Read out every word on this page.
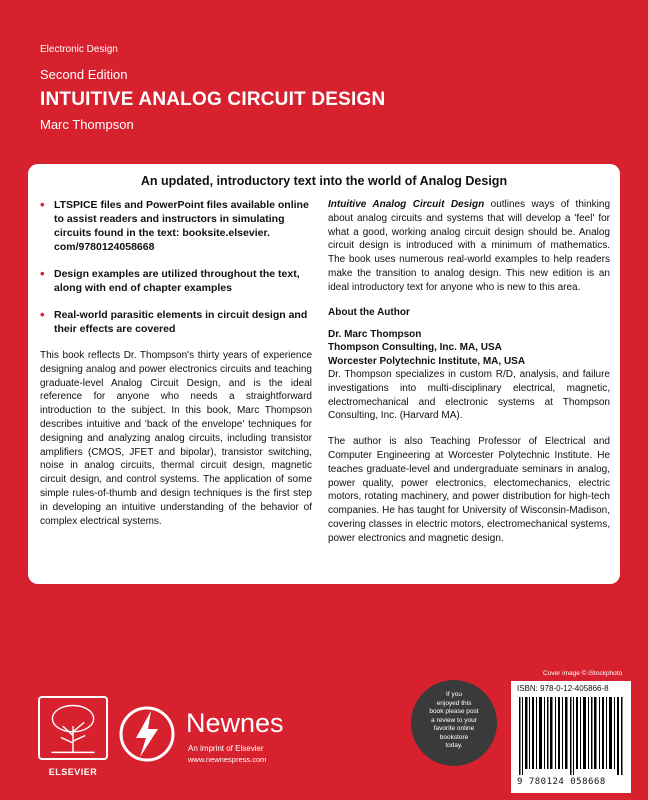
Electronic Design
Second Edition
INTUITIVE ANALOG CIRCUIT DESIGN
Marc Thompson
An updated, introductory text into the world of Analog Design
• LTSPICE files and PowerPoint files available online to assist readers and instructors in simulating circuits found in the text: booksite.elsevier. com/9780124058668
• Design examples are utilized throughout the text, along with end of chapter examples
• Real-world parasitic elements in circuit design and their effects are covered

This book reflects Dr. Thompson's thirty years of experience designing analog and power electronics circuits and teaching graduate-level Analog Circuit Design, and is the ideal reference for anyone who needs a straightforward introduction to the subject. In this book, Marc Thompson describes intuitive and 'back of the envelope' techniques for designing and analyzing analog circuits, including transistor amplifiers (CMOS, JFET and bipolar), transistor switching, noise in analog circuits, thermal circuit design, magnetic circuit design, and control systems. The application of some simple rules-of-thumb and design techniques is the first step in developing an intuitive understanding of the behavior of complex electrical systems.

Intuitive Analog Circuit Design outlines ways of thinking about analog circuits and systems that will develop a 'feel' for what a good, working analog circuit design should be. Analog circuit design is introduced with a minimum of mathematics. The book uses numerous real-world examples to help readers make the transition to analog design. This new edition is an ideal introductory text for anyone who is new to this area.

About the Author
Dr. Marc Thompson
Thompson Consulting, Inc. MA, USA
Worcester Polytechnic Institute, MA, USA

Dr. Thompson specializes in custom R/D, analysis, and failure investigations into multi-disciplinary electrical, magnetic, electromechanical and electronic systems at Thompson Consulting, Inc. (Harvard MA).

The author is also Teaching Professor of Electrical and Computer Engineering at Worcester Polytechnic Institute. He teaches graduate-level and undergraduate seminars in analog, power quality, power electronics, electomechanics, electric motors, rotating machinery, and power distribution for high-tech companies. He has taught for University of Wisconsin-Madison, covering classes in electric motors, electromechanical systems, power electronics and magnetic design.

Cover image © iStockphoto
If you
enjoyed this
book please post
a review to your
favorite online
bookstore
today.
ISBN: 978-0-12-405866-8
9 780124 058668
ELSEVIER
Newnes
An imprint of Elsevier
www.newnespress.com
